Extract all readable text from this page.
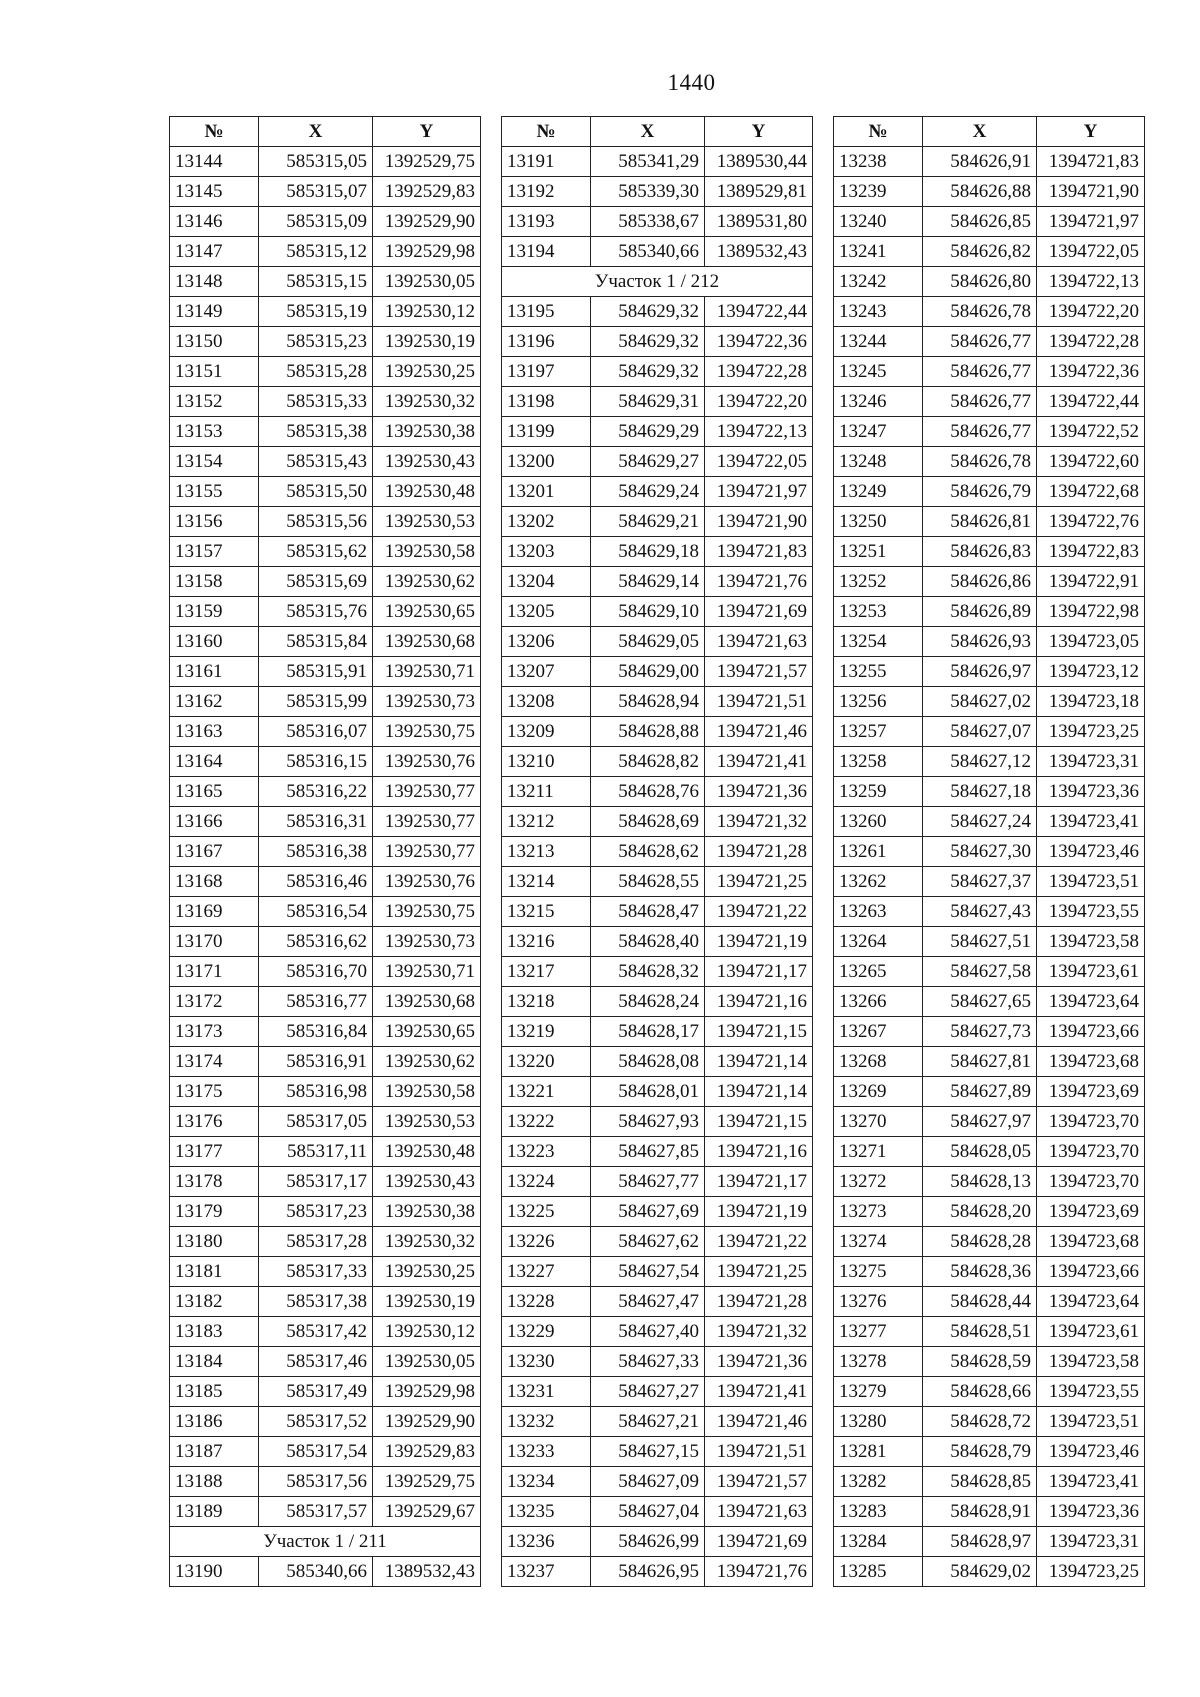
1440
№	X	Y
13144	585315,05	1392529,75
13145	585315,07	1392529,83
13146	585315,09	1392529,90
13147	585315,12	1392529,98
13148	585315,15	1392530,05
13149	585315,19	1392530,12
13150	585315,23	1392530,19
13151	585315,28	1392530,25
13152	585315,33	1392530,32
13153	585315,38	1392530,38
13154	585315,43	1392530,43
13155	585315,50	1392530,48
13156	585315,56	1392530,53
13157	585315,62	1392530,58
13158	585315,69	1392530,62
13159	585315,76	1392530,65
13160	585315,84	1392530,68
13161	585315,91	1392530,71
13162	585315,99	1392530,73
13163	585316,07	1392530,75
13164	585316,15	1392530,76
13165	585316,22	1392530,77
13166	585316,31	1392530,77
13167	585316,38	1392530,77
13168	585316,46	1392530,76
13169	585316,54	1392530,75
13170	585316,62	1392530,73
13171	585316,70	1392530,71
13172	585316,77	1392530,68
13173	585316,84	1392530,65
13174	585316,91	1392530,62
13175	585316,98	1392530,58
13176	585317,05	1392530,53
13177	585317,11	1392530,48
13178	585317,17	1392530,43
13179	585317,23	1392530,38
13180	585317,28	1392530,32
13181	585317,33	1392530,25
13182	585317,38	1392530,19
13183	585317,42	1392530,12
13184	585317,46	1392530,05
13185	585317,49	1392529,98
13186	585317,52	1392529,90
13187	585317,54	1392529,83
13188	585317,56	1392529,75
13189	585317,57	1392529,67
Участок 1 / 211		
13190	585340,66	1389532,43
№	X	Y
13191	585341,29	1389530,44
13192	585339,30	1389529,81
13193	585338,67	1389531,80
13194	585340,66	1389532,43
Участок 1 / 212		
13195	584629,32	1394722,44
13196	584629,32	1394722,36
13197	584629,32	1394722,28
13198	584629,31	1394722,20
13199	584629,29	1394722,13
13200	584629,27	1394722,05
13201	584629,24	1394721,97
13202	584629,21	1394721,90
13203	584629,18	1394721,83
13204	584629,14	1394721,76
13205	584629,10	1394721,69
13206	584629,05	1394721,63
13207	584629,00	1394721,57
13208	584628,94	1394721,51
13209	584628,88	1394721,46
13210	584628,82	1394721,41
13211	584628,76	1394721,36
13212	584628,69	1394721,32
13213	584628,62	1394721,28
13214	584628,55	1394721,25
13215	584628,47	1394721,22
13216	584628,40	1394721,19
13217	584628,32	1394721,17
13218	584628,24	1394721,16
13219	584628,17	1394721,15
13220	584628,08	1394721,14
13221	584628,01	1394721,14
13222	584627,93	1394721,15
13223	584627,85	1394721,16
13224	584627,77	1394721,17
13225	584627,69	1394721,19
13226	584627,62	1394721,22
13227	584627,54	1394721,25
13228	584627,47	1394721,28
13229	584627,40	1394721,32
13230	584627,33	1394721,36
13231	584627,27	1394721,41
13232	584627,21	1394721,46
13233	584627,15	1394721,51
13234	584627,09	1394721,57
13235	584627,04	1394721,63
13236	584626,99	1394721,69
13237	584626,95	1394721,76
№	X	Y
13238	584626,91	1394721,83
13239	584626,88	1394721,90
13240	584626,85	1394721,97
13241	584626,82	1394722,05
13242	584626,80	1394722,13
13243	584626,78	1394722,20
13244	584626,77	1394722,28
13245	584626,77	1394722,36
13246	584626,77	1394722,44
13247	584626,77	1394722,52
13248	584626,78	1394722,60
13249	584626,79	1394722,68
13250	584626,81	1394722,76
13251	584626,83	1394722,83
13252	584626,86	1394722,91
13253	584626,89	1394722,98
13254	584626,93	1394723,05
13255	584626,97	1394723,12
13256	584627,02	1394723,18
13257	584627,07	1394723,25
13258	584627,12	1394723,31
13259	584627,18	1394723,36
13260	584627,24	1394723,41
13261	584627,30	1394723,46
13262	584627,37	1394723,51
13263	584627,43	1394723,55
13264	584627,51	1394723,58
13265	584627,58	1394723,61
13266	584627,65	1394723,64
13267	584627,73	1394723,66
13268	584627,81	1394723,68
13269	584627,89	1394723,69
13270	584627,97	1394723,70
13271	584628,05	1394723,70
13272	584628,13	1394723,70
13273	584628,20	1394723,69
13274	584628,28	1394723,68
13275	584628,36	1394723,66
13276	584628,44	1394723,64
13277	584628,51	1394723,61
13278	584628,59	1394723,58
13279	584628,66	1394723,55
13280	584628,72	1394723,51
13281	584628,79	1394723,46
13282	584628,85	1394723,41
13283	584628,91	1394723,36
13284	584628,97	1394723,31
13285	584629,02	1394723,25
